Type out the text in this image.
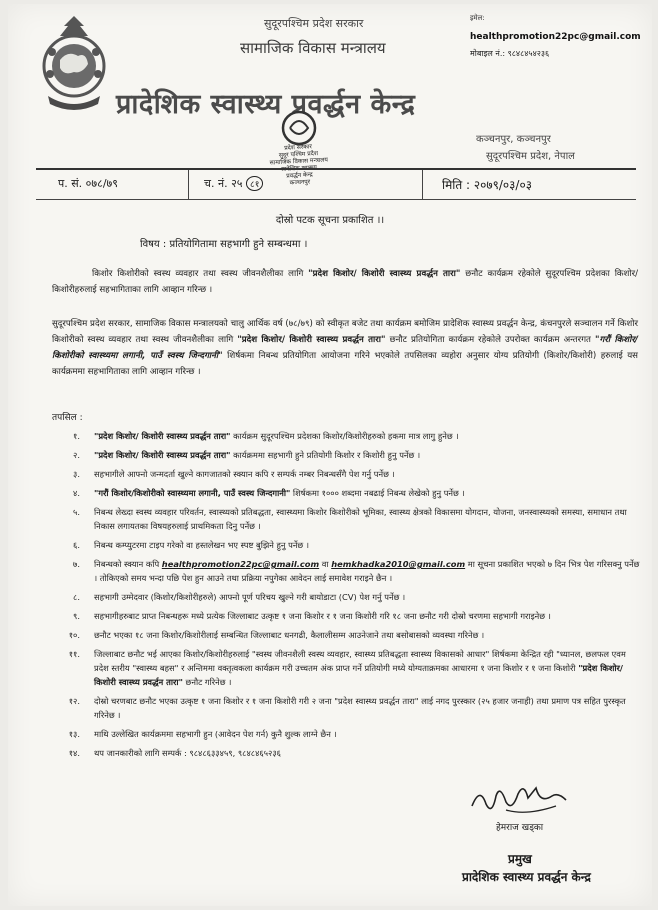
सुदूरपश्चिम प्रदेश सरकार
सामाजिक विकास मन्त्रालय
प्रादेशिक स्वास्थ्य प्रवर्द्धन केन्द्र
इमेल:
healthpromotion22pc@gmail.com
मोबाइल नं.: ९८४८४५४२३६
कञ्चनपुर, कञ्चनपुर
सुदूरपश्चिम प्रदेश, नेपाल
प्रदेश सरकार
सुदूर पश्चिम प्रदेश
सामाजिक विकास मन्त्रालय
प्रवर्द्धन केन्द्र
कञ्चनपुर
प. सं. ०७८/७९	च. नं. २५ ८१	मिति : २०७९/०३/०३
दोस्रो पटक सूचना प्रकाशित ।।
विषय : प्रतियोगितामा सहभागी हुने सम्बन्धमा ।
किशोर किशोरीको स्वस्थ व्यवहार तथा स्वस्थ जीवनशैलीका लागि "प्रदेश किशोर/ किशोरी स्वास्थ्य प्रवर्द्धन तारा" छनौट कार्यक्रम रहेकोले सुदूरपश्चिम प्रदेशका किशोर/किशोरीहरुलाई सहभागिताका लागि आव्हान गरिन्छ ।
सुदूरपश्चिम प्रदेश सरकार, सामाजिक विकास मन्त्रालयको चालु आर्थिक वर्ष (७८/७९) को स्वीकृत बजेट तथा कार्यक्रम बमोजिम प्रादेशिक स्वास्थ्य प्रवर्द्धन केन्द्र, कंचनपुरले सञ्चालन गर्ने किशोर किशोरीको स्वस्थ व्यवहार तथा स्वस्थ जीवनशैलीका लागि "प्रदेश किशोर/ किशोरी स्वास्थ्य प्रवर्द्धन तारा" छनौट प्रतियोगिता कार्यक्रम रहेकोले उपरोक्त कार्यक्रम अन्तरगत "गरौं किशोर/किशोरीको स्वास्थ्यमा लगानी, पाउँ स्वस्थ जिन्दगानी" शिर्षकमा निबन्ध प्रतियोगिता आयोजना गरिने भएकोले तपसिलका व्यहोरा अनुसार योग्य प्रतियोगी (किशोर/किशोरी) हरुलाई यस कार्यक्रममा सहभागिताका लागि आव्हान गरिन्छ ।
तपसिल :
१. "प्रदेश किशोर/ किशोरी स्वास्थ्य प्रवर्द्धन तारा" कार्यक्रम सुदूरपश्चिम प्रदेशका किशोर/किशोरीहरुको हकमा मात्र लागु हुनेछ ।
२. "प्रदेश किशोर/ किशोरी स्वास्थ्य प्रवर्द्धन तारा" कार्यक्रममा सहभागी हुने प्रतियोगी किशोर र किशोरी हुनु पर्नेछ ।
३. सहभागीले आफ्नो जन्मदर्ता खुल्ने कागजातको स्क्यान कपि र सम्पर्क नम्बर निबन्धसँगै पेश गर्नु पर्नेछ ।
४. "गरौं किशोर/किशोरीको स्वास्थ्यमा लगानी, पाउँ स्वस्थ जिन्दगानी" शिर्षकमा १००० शब्दमा नबढाई निबन्ध लेखेको हुनु पर्नेछ ।
५. निबन्ध लेख्दा स्वस्थ व्यवहार परिवर्तन, स्वास्थ्यको प्रतिबद्धता, स्वास्थ्यमा किशोर किशोरीको भूमिका, स्वास्थ्य क्षेत्रको विकासमा योगदान, योजना, जनस्वास्थ्यको समस्या, समाधान तथा निकास लगायतका विषयहरुलाई प्राथमिकता दिनु पर्नेछ ।
६. निबन्ध कम्प्युटरमा टाइप गरेको वा हस्तलेखन भए स्पष्ट बुझिने हुनु पर्नेछ ।
७. निबन्धको स्क्यान कपि healthpromotion22pc@gmail.com वा hemkhadka2010@gmail.com मा सूचना प्रकाशित भएको ७ दिन भित्र पेश गरिसक्नु पर्नेछ । तोकिएको समय भन्दा पछि पेश हुन आउने तथा प्रक्रिया नपुगेका आवेदन लाई समावेश गराइने छैन ।
८. सहभागी उम्मेदवार (किशोर/किशोरीहरुले) आफ्नो पूर्ण परिचय खुल्ने गरी बायोडाटा (CV) पेश गर्नु पर्नेछ ।
९. सहभागीहरुबाट प्राप्त निबन्धहरू मध्ये प्रत्येक जिल्लाबाट उत्कृष्ट १ जना किशोर र १ जना किशोरी गरि १८ जना छनौट गरी दोस्रो चरणमा सहभागी गराइनेछ ।
१०. छनौट भएका १८ जना किशोर/किशोरीलाई सम्बन्धित जिल्लाबाट धनगढी, कैलालीसम्म आउनेजाने तथा बसोबासको व्यवस्था गरिनेछ ।
११. जिल्लाबाट छनौट भई आएका किशोर/किशोरीहरुलाई "स्वस्थ जीवनशैली स्वस्थ व्यवहार, स्वास्थ्य प्रतिबद्धता स्वास्थ्य विकासको आधार" शिर्षकमा केन्द्रित रही "ध्यानल, छलफल एवम प्रदेश स्तरीय "स्वास्थ्य बहस" र अन्तिममा वक्तृत्वकला कार्यक्रम गरी उच्चतम अंक प्राप्त गर्ने प्रतियोगी मध्ये योग्यताक्रमका आधारमा १ जना किशोर र १ जना किशोरी "प्रदेश किशोर/ किशोरी स्वास्थ्य प्रवर्द्धन तारा" छनौट गरिनेछ ।
१२. दोस्रो चरणबाट छनौट भएका उत्कृष्ट १ जना किशोर र १ जना किशोरी गरी २ जना "प्रदेश स्वास्थ्य प्रवर्द्धन तारा" लाई नगद पुरस्कार (२५ हजार जनाही) तथा प्रमाण पत्र सहित पुरस्कृत गरिनेछ ।
१३. माथि उल्लेखित कार्यक्रममा सहभागी हुन (आवेदन पेश गर्न) कुनै शुल्क लाग्ने छैन ।
१४. थप जानकारीको लागि सम्पर्क : ९८४८६३३४५९, ९८४८४६५२३६
हेमराज खड्का
प्रमुख
प्रादेशिक स्वास्थ्य प्रवर्द्धन केन्द्र
